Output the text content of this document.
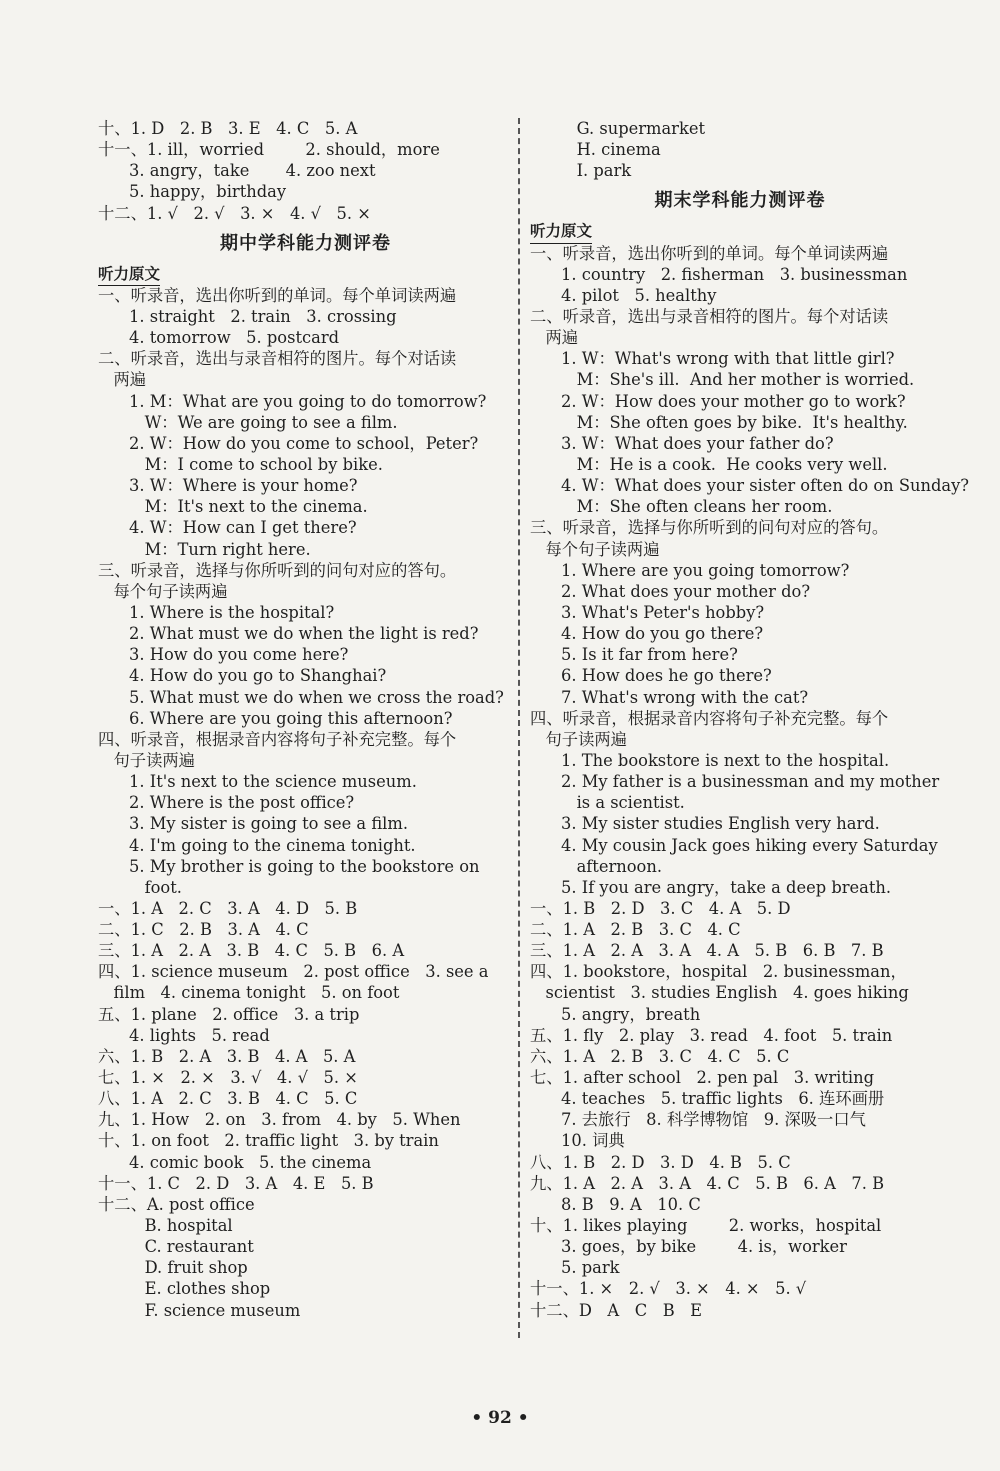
十、1. D   2. B   3. E   4. C   5. A
十一、1. ill，worried        2. should，more
3. angry，take       4. zoo next
5. happy，birthday
十二、1. √   2. √   3. ×   4. √   5. ×
期中学科能力测评卷
听力原文
一、听录音，选出你听到的单词。每个单词读两遍
1. straight   2. train   3. crossing
4. tomorrow   5. postcard
二、听录音，选出与录音相符的图片。每个对话读
两遍
1. M：What are you going to do tomorrow?
W：We are going to see a film.
2. W：How do you come to school，Peter?
M：I come to school by bike.
3. W：Where is your home?
M：It's next to the cinema.
4. W：How can I get there?
M：Turn right here.
三、听录音，选择与你所听到的问句对应的答句。
每个句子读两遍
1. Where is the hospital?
2. What must we do when the light is red?
3. How do you come here?
4. How do you go to Shanghai?
5. What must we do when we cross the road?
6. Where are you going this afternoon?
四、听录音，根据录音内容将句子补充完整。每个
句子读两遍
1. It's next to the science museum.
2. Where is the post office?
3. My sister is going to see a film.
4. I'm going to the cinema tonight.
5. My brother is going to the bookstore on
foot.
一、1. A   2. C   3. A   4. D   5. B
二、1. C   2. B   3. A   4. C
三、1. A   2. A   3. B   4. C   5. B   6. A
四、1. science museum   2. post office   3. see a
film   4. cinema tonight   5. on foot
五、1. plane   2. office   3. a trip
4. lights   5. read
六、1. B   2. A   3. B   4. A   5. A
七、1. ×   2. ×   3. √   4. √   5. ×
八、1. A   2. C   3. B   4. C   5. C
九、1. How   2. on   3. from   4. by   5. When
十、1. on foot   2. traffic light   3. by train
4. comic book   5. the cinema
十一、1. C   2. D   3. A   4. E   5. B
十二、A. post office
B. hospital
C. restaurant
D. fruit shop
E. clothes shop
F. science museum
G. supermarket
H. cinema
I. park
期末学科能力测评卷
听力原文
一、听录音，选出你听到的单词。每个单词读两遍
1. country   2. fisherman   3. businessman
4. pilot   5. healthy
二、听录音，选出与录音相符的图片。每个对话读
两遍
1. W：What's wrong with that little girl?
M：She's ill.  And her mother is worried.
2. W：How does your mother go to work?
M：She often goes by bike.  It's healthy.
3. W：What does your father do?
M：He is a cook.  He cooks very well.
4. W：What does your sister often do on Sunday?
M：She often cleans her room.
三、听录音，选择与你所听到的问句对应的答句。
每个句子读两遍
1. Where are you going tomorrow?
2. What does your mother do?
3. What's Peter's hobby?
4. How do you go there?
5. Is it far from here?
6. How does he go there?
7. What's wrong with the cat?
四、听录音，根据录音内容将句子补充完整。每个
句子读两遍
1. The bookstore is next to the hospital.
2. My father is a businessman and my mother
is a scientist.
3. My sister studies English very hard.
4. My cousin Jack goes hiking every Saturday
afternoon.
5. If you are angry，take a deep breath.
一、1. B   2. D   3. C   4. A   5. D
二、1. A   2. B   3. C   4. C
三、1. A   2. A   3. A   4. A   5. B   6. B   7. B
四、1. bookstore，hospital   2. businessman，
scientist   3. studies English   4. goes hiking
5. angry，breath
五、1. fly   2. play   3. read   4. foot   5. train
六、1. A   2. B   3. C   4. C   5. C
七、1. after school   2. pen pal   3. writing
4. teaches   5. traffic lights   6. 连环画册
7. 去旅行   8. 科学博物馆   9. 深吸一口气
10. 词典
八、1. B   2. D   3. D   4. B   5. C
九、1. A   2. A   3. A   4. C   5. B   6. A   7. B
8. B   9. A   10. C
十、1. likes playing        2. works，hospital
3. goes，by bike        4. is，worker
5. park
十一、1. ×   2. √   3. ×   4. ×   5. √
十二、D   A   C   B   E
• 92 •
